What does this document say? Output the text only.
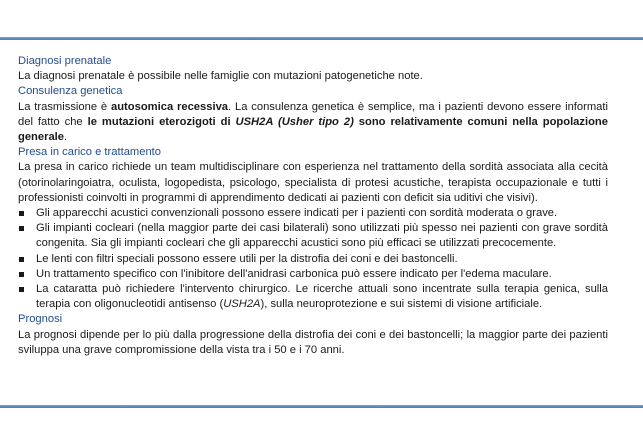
Diagnosi prenatale

La diagnosi prenatale è possibile nelle famiglie con mutazioni patogenetiche note.

Consulenza genetica

La trasmissione è autosomica recessiva. La consulenza genetica è semplice, ma i pazienti devono essere informati del fatto che le mutazioni eterozigoti di USH2A (Usher tipo 2) sono relativamente comuni nella popolazione generale.

Presa in carico e trattamento

La presa in carico richiede un team multidisciplinare con esperienza nel trattamento della sordità associata alla cecità (otorinolaringoiatra, oculista, logopedista, psicologo, specialista di protesi acustiche, terapista occupazionale e tutti i professionisti coinvolti in programmi di apprendimento dedicati ai pazienti con deficit sia uditivi che visivi).

Gli apparecchi acustici convenzionali possono essere indicati per i pazienti con sordità moderata o grave.
Gli impianti cocleari (nella maggior parte dei casi bilaterali) sono utilizzati più spesso nei pazienti con grave sordità congenita. Sia gli impianti cocleari che gli apparecchi acustici sono più efficaci se utilizzati precocemente.
Le lenti con filtri speciali possono essere utili per la distrofia dei coni e dei bastoncelli.
Un trattamento specifico con l'inibitore dell'anidrasi carbonica può essere indicato per l'edema maculare.
La cataratta può richiedere l'intervento chirurgico. Le ricerche attuali sono incentrate sulla terapia genica, sulla terapia con oligonucleotidi antisenso (USH2A), sulla neuroprotezione e sui sistemi di visione artificiale.
Prognosi

La prognosi dipende per lo più dalla progressione della distrofia dei coni e dei bastoncelli; la maggior parte dei pazienti sviluppa una grave compromissione della vista tra i 50 e i 70 anni.
